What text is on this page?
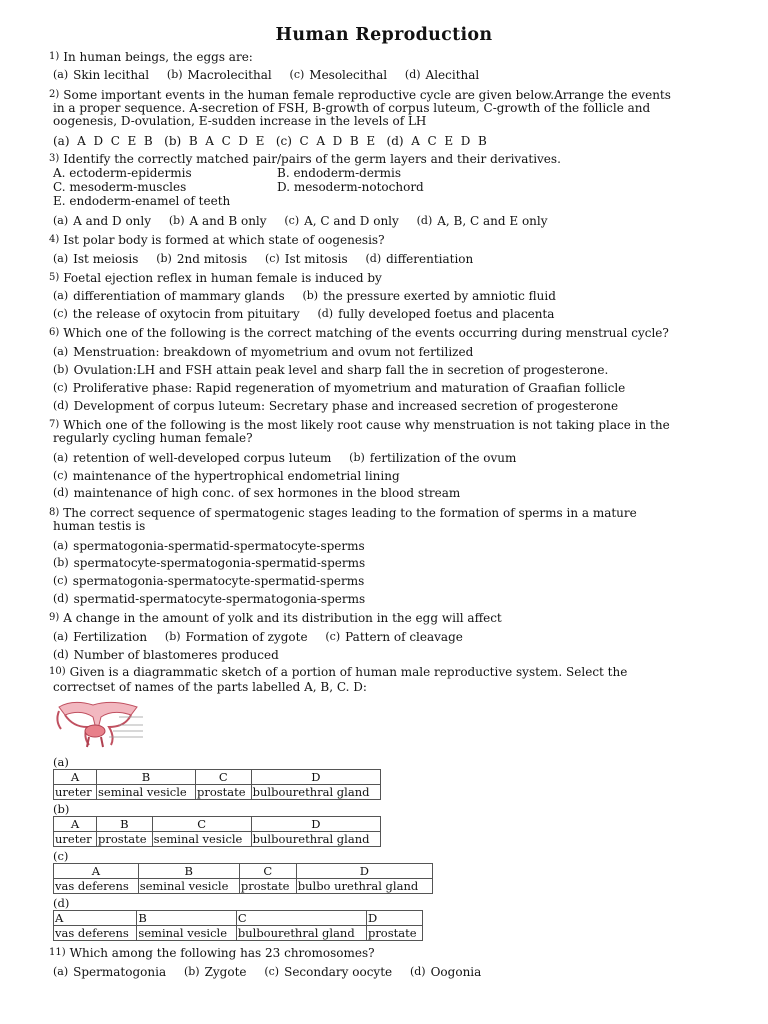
Human Reproduction
1) In human beings, the eggs are:
(a) Skin lecithal (b) Macrolecithal (c) Mesolecithal (d) Alecithal
2) Some important events in the human female reproductive cycle are given below.Arrange the events
in a proper sequence. A-secretion of FSH, B-growth of corpus luteum, C-growth of the follicle and
oogenesis, D-ovulation, E-sudden increase in the levels of LH
(a)  A  D  C  E  B   (b)  B  A  C  D  E   (c)  C  A  D  B  E   (d)  A  C  E  D  B
3) Identify the correctly matched pair/pairs of the germ layers and their derivatives.
A. ectoderm-epidermis	B. endoderm-dermis
C. mesoderm-muscles	D. mesoderm-notochord
E. endoderm-enamel of teeth
(a) A and D only (b) A and B only (c) A, C and D only (d) A, B, C and E only
4) Ist polar body is formed at which state of oogenesis?
(a) Ist meiosis (b) 2nd mitosis (c) Ist mitosis (d) differentiation
5) Foetal ejection reflex in human female is induced by
(a) differentiation of mammary glands (b) the pressure exerted by amniotic fluid
(c) the release of oxytocin from pituitary (d) fully developed foetus and placenta
6) Which one of the following is the correct matching of the events occurring during menstrual cycle?
(a) Menstruation: breakdown of myometrium and ovum not fertilized
(b) Ovulation:LH and FSH attain peak level and sharp fall the in secretion of progesterone.
(c) Proliferative phase: Rapid regeneration of myometrium and maturation of Graafian follicle
(d) Development of corpus luteum: Secretary phase and increased secretion of progesterone
7) Which one of the following is the most likely root cause why menstruation is not taking place in the
regularly cycling human female?
(a) retention of well-developed corpus luteum (b) fertilization of the ovum
(c) maintenance of the hypertrophical endometrial lining
(d) maintenance of high conc. of sex hormones in the blood stream
8) The correct sequence of spermatogenic stages leading to the formation of sperms in a mature
human testis is
(a) spermatogonia-spermatid-spermatocyte-sperms
(b) spermatocyte-spermatogonia-spermatid-sperms
(c) spermatogonia-spermatocyte-spermatid-sperms
(d) spermatid-spermatocyte-spermatogonia-sperms
9) A change in the amount of yolk and its distribution in the egg will affect
(a) Fertilization (b) Formation of zygote (c) Pattern of cleavage
(d) Number of blastomeres produced
10) Given is a diagrammatic sketch of a portion of human male reproductive system. Select the
correctset of names of the parts labelled A, B, C. D:
(a)
A	B	C	D
ureter	seminal vesicle	prostate	bulbourethral gland
(b)
A	B	C	D
ureter	prostate	seminal vesicle	bulbourethral gland
(c)
A	B	C	D
vas deferens	seminal vesicle	prostate	bulbo urethral gland
(d)
A	B	C	D
vas deferens	seminal vesicle	bulbourethral gland	prostate
11) Which among the following has 23 chromosomes?
(a) Spermatogonia (b) Zygote (c) Secondary oocyte (d) Oogonia
